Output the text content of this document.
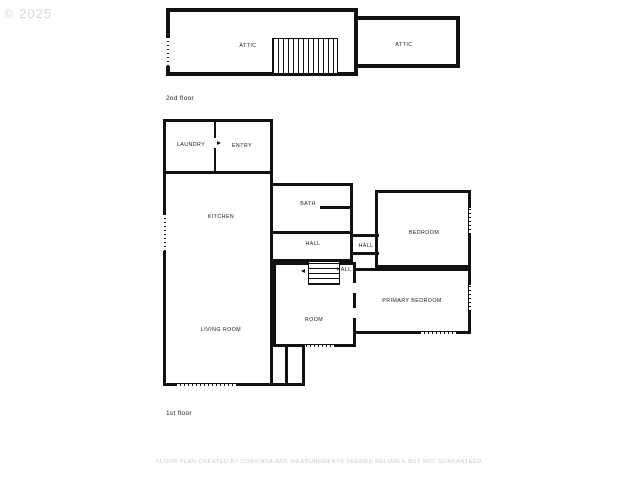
© 2025
ATTIC	ATTIC
2nd floor
LAUNDRY	ENTRY
KITCHEN
LIVING ROOM
BATH
BEDROOM
PRIMARY BEDROOM
HALL	HALL
HALL
ROOM
1st floor
FLOOR PLAN CREATED BY CUBICASA APP. MEASUREMENTS DEEMED RELIABLE BUT NOT GUARANTEED.
